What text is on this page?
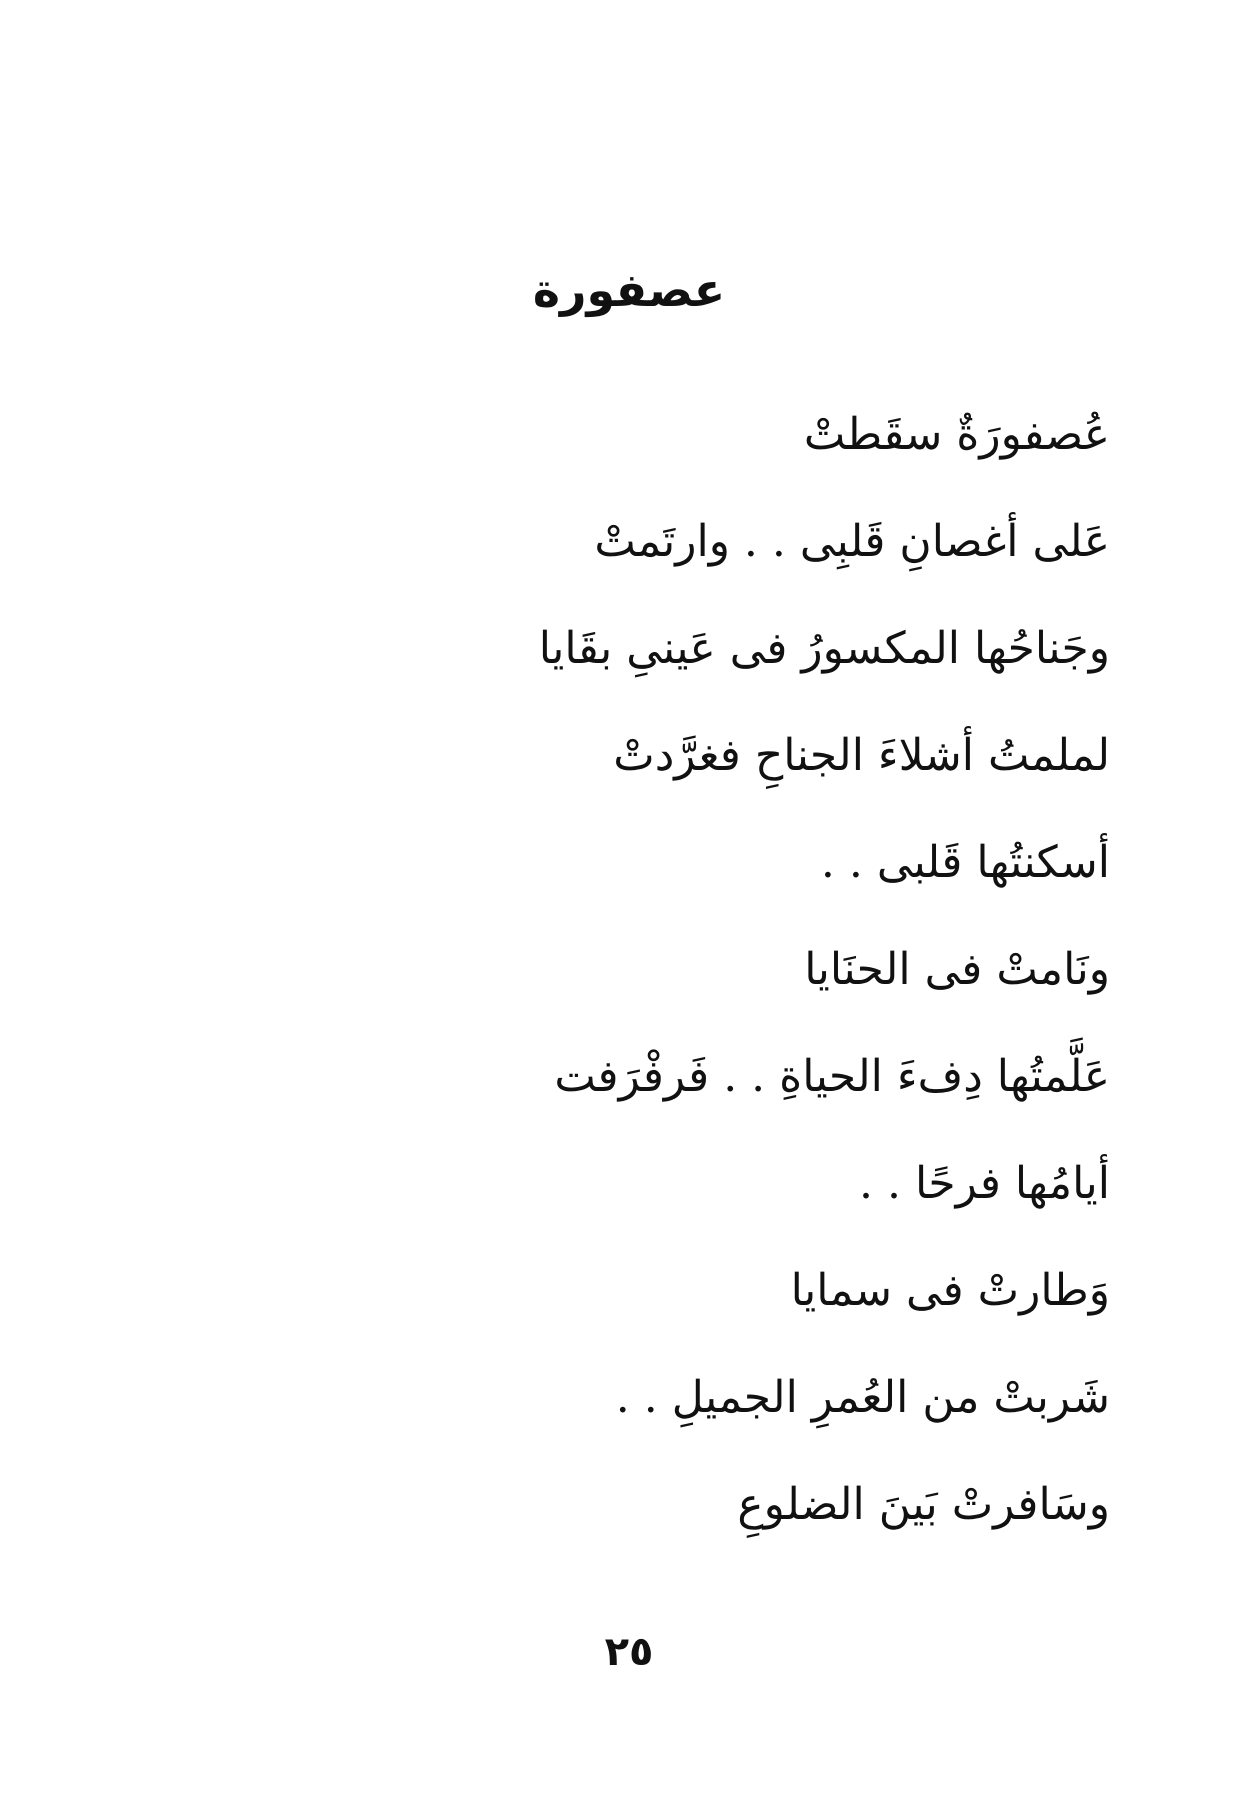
عصفورة
عُصفورَةٌ سقَطتْ
عَلى أغصانِ قَلبِى . . وارتَمتْ
وجَناحُها المكسورُ فى عَينىِ بقَايا
لملمتُ أشلاءَ الجناحِ فغرَّدتْ
أسكنتُها قَلبى . .
ونَامتْ فى الحنَايا
عَلَّمتُها دِفءَ الحياةِ . . فَرفْرَفت
أيامُها فرحًا . .
وَطارتْ فى سمايا
شَربتْ من العُمرِ الجميلِ . .
وسَافرتْ بَينَ الضلوعِ
٢٥
